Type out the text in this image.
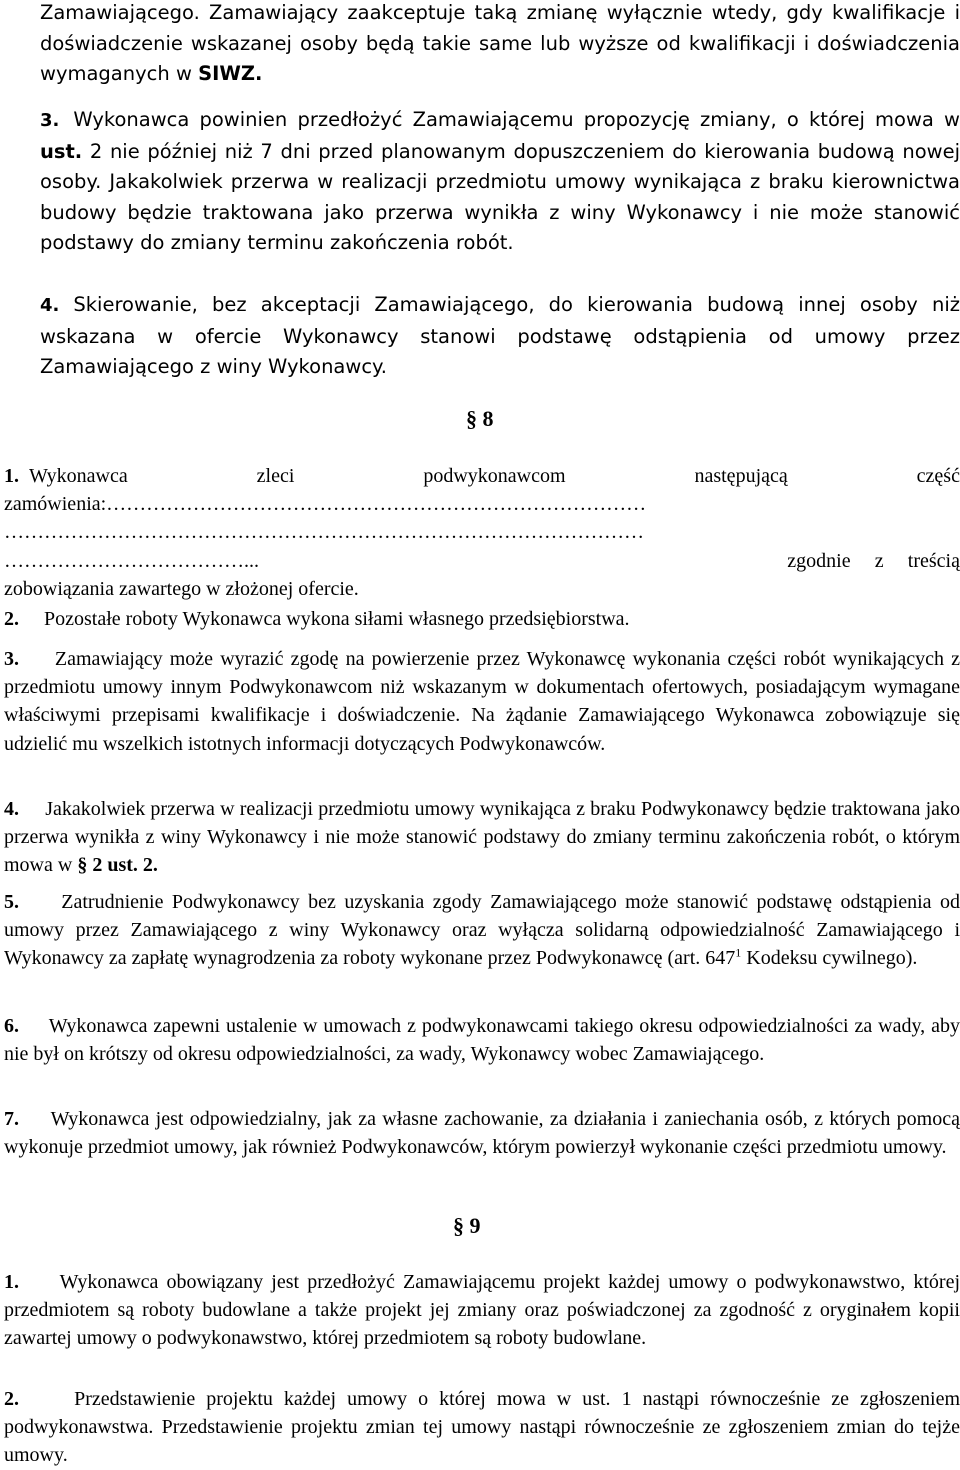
Zamawiającego. Zamawiający zaakceptuje taką zmianę wyłącznie wtedy, gdy kwalifikacje i doświadczenie wskazanej osoby będą takie same lub wyższe od kwalifikacji i doświadczenia wymaganych w SIWZ.

3. Wykonawca powinien przedłożyć Zamawiającemu propozycję zmiany, o której mowa w ust. 2 nie później niż 7 dni przed planowanym dopuszczeniem do kierowania budową nowej osoby. Jakakolwiek przerwa w realizacji przedmiotu umowy wynikająca z braku kierownictwa budowy będzie traktowana jako przerwa wynikła z winy Wykonawcy i nie może stanowić podstawy do zmiany terminu zakończenia robót.

4. Skierowanie, bez akceptacji Zamawiającego, do kierowania budową innej osoby niż wskazana w ofercie Wykonawcy stanowi podstawę odstąpienia od umowy przez Zamawiającego z winy Wykonawcy.

§ 8
1. Wykonawca	zleci	podwykonawcom	następującą	część
zamówienia:………………………………………………………………………
……………………………………………………………………………………
………………………………...	zgodnie z treścią
zobowiązania zawartego w złożonej ofercie.

2. Pozostałe roboty Wykonawca wykona siłami własnego przedsiębiorstwa.

3. Zamawiający może wyrazić zgodę na powierzenie przez Wykonawcę wykonania części robót wynikających z przedmiotu umowy innym Podwykonawcom niż wskazanym w dokumentach ofertowych, posiadającym wymagane właściwymi przepisami kwalifikacje i doświadczenie. Na żądanie Zamawiającego Wykonawca zobowiązuje się udzielić mu wszelkich istotnych informacji dotyczących Podwykonawców.

4. Jakakolwiek przerwa w realizacji przedmiotu umowy wynikająca z braku Podwykonawcy będzie traktowana jako przerwa wynikła z winy Wykonawcy i nie może stanowić podstawy do zmiany terminu zakończenia robót, o którym mowa w § 2 ust. 2.

5. Zatrudnienie Podwykonawcy bez uzyskania zgody Zamawiającego może stanowić podstawę odstąpienia od umowy przez Zamawiającego z winy Wykonawcy oraz wyłącza solidarną odpowiedzialność Zamawiającego i Wykonawcy za zapłatę wynagrodzenia za roboty wykonane przez Podwykonawcę (art. $647^1$ Kodeksu cywilnego).

6. Wykonawca zapewni ustalenie w umowach z podwykonawcami takiego okresu odpowiedzialności za wady, aby nie był on krótszy od okresu odpowiedzialności, za wady, Wykonawcy wobec Zamawiającego.

7. Wykonawca jest odpowiedzialny, jak za własne zachowanie, za działania i zaniechania osób, z których pomocą wykonuje przedmiot umowy, jak również Podwykonawców, którym powierzył wykonanie części przedmiotu umowy.

§ 9

1. Wykonawca obowiązany jest przedłożyć Zamawiającemu projekt każdej umowy o podwykonawstwo, której przedmiotem są roboty budowlane a także projekt jej zmiany oraz poświadczonej za zgodność z oryginałem kopii zawartej umowy o podwykonawstwo, której przedmiotem są roboty budowlane.

2.	Przedstawienie projektu każdej umowy o której mowa w ust. 1 nastąpi równocześnie ze zgłoszeniem podwykonawstwa. Przedstawienie projektu zmian tej umowy nastąpi równocześnie ze zgłoszeniem zmian do tejże umowy.
